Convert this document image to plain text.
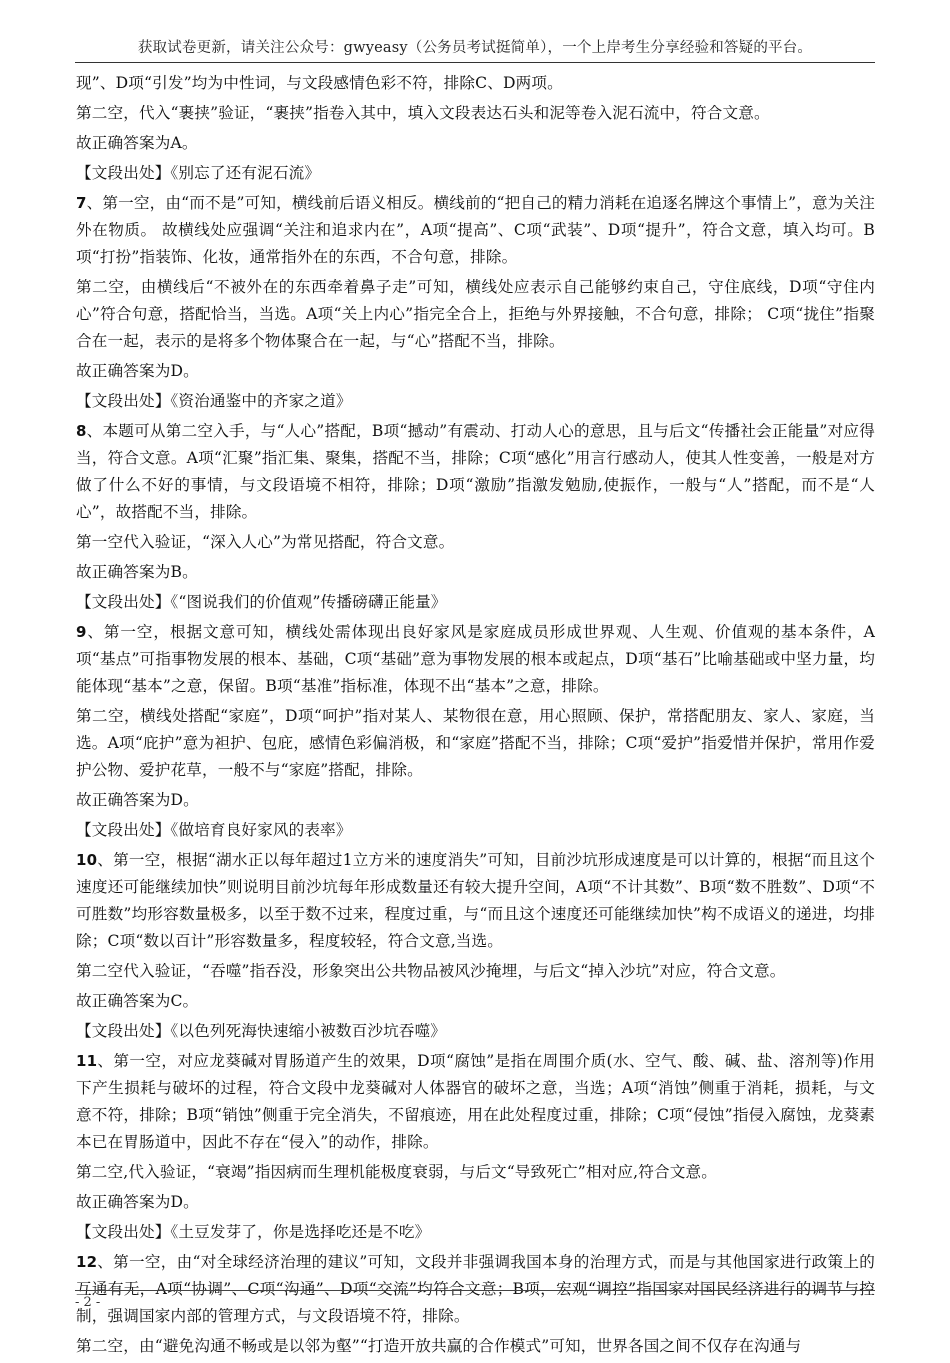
获取试卷更新，请关注公众号：gwyeasy（公务员考试挺简单），一个上岸考生分享经验和答疑的平台。
现”、D项“引发”均为中性词，与文段感情色彩不符，排除C、D两项。
第二空，代入“裹挟”验证，“裹挟”指卷入其中，填入文段表达石头和泥等卷入泥石流中，符合文意。
故正确答案为A。
【文段出处】《别忘了还有泥石流》
7、第一空，由“而不是”可知，横线前后语义相反。横线前的“把自己的精力消耗在追逐名牌这个事情上”，意为关注外在物质。 故横线处应强调“关注和追求内在”，A项“提高”、C项“武装”、D项“提升”，符合文意，填入均可。B项“打扮”指装饰、化妆，通常指外在的东西，不合句意，排除。
第二空，由横线后“不被外在的东西牵着鼻子走”可知，横线处应表示自己能够约束自己，守住底线，D项“守住内心”符合句意，搭配恰当，当选。A项“关上内心”指完全合上，拒绝与外界接触，不合句意，排除； C项“拢住”指聚合在一起，表示的是将多个物体聚合在一起，与“心”搭配不当，排除。
故正确答案为D。
【文段出处】《资治通鉴中的齐家之道》
8、本题可从第二空入手，与“人心”搭配，B项“撼动”有震动、打动人心的意思，且与后文“传播社会正能量”对应得当，符合文意。A项“汇聚”指汇集、聚集，搭配不当，排除；C项“感化”用言行感动人，使其人性变善，一般是对方做了什么不好的事情，与文段语境不相符，排除；D项“激励”指激发勉励,使振作，一般与“人”搭配，而不是“人心”，故搭配不当，排除。
第一空代入验证，“深入人心”为常见搭配，符合文意。
故正确答案为B。
【文段出处】《“图说我们的价值观”传播磅礴正能量》
9、第一空，根据文意可知，横线处需体现出良好家风是家庭成员形成世界观、人生观、价值观的基本条件，A项“基点”可指事物发展的根本、基础，C项“基础”意为事物发展的根本或起点，D项“基石”比喻基础或中坚力量，均能体现“基本”之意，保留。B项“基准”指标准，体现不出“基本”之意，排除。
第二空，横线处搭配“家庭”，D项“呵护”指对某人、某物很在意，用心照顾、保护，常搭配朋友、家人、家庭，当选。A项“庇护”意为袒护、包庇，感情色彩偏消极，和“家庭”搭配不当，排除；C项“爱护”指爱惜并保护，常用作爱护公物、爱护花草，一般不与“家庭”搭配，排除。
故正确答案为D。
【文段出处】《做培育良好家风的表率》
10、第一空，根据“湖水正以每年超过1立方米的速度消失”可知，目前沙坑形成速度是可以计算的，根据“而且这个速度还可能继续加快”则说明目前沙坑每年形成数量还有较大提升空间，A项“不计其数”、B项“数不胜数”、D项“不可胜数”均形容数量极多，以至于数不过来，程度过重，与“而且这个速度还可能继续加快”构不成语义的递进，均排除；C项“数以百计”形容数量多，程度较轻，符合文意,当选。
第二空代入验证，“吞噬”指吞没，形象突出公共物品被风沙掩埋，与后文“掉入沙坑”对应，符合文意。
故正确答案为C。
【文段出处】《以色列死海快速缩小被数百沙坑吞噬》
11、第一空，对应龙葵碱对胃肠道产生的效果，D项“腐蚀”是指在周围介质(水、空气、酸、碱、盐、溶剂等)作用下产生损耗与破坏的过程，符合文段中龙葵碱对人体器官的破坏之意，当选；A项“消蚀”侧重于消耗，损耗，与文意不符，排除；B项“销蚀”侧重于完全消失，不留痕迹，用在此处程度过重，排除；C项“侵蚀”指侵入腐蚀，龙葵素本已在胃肠道中，因此不存在“侵入”的动作，排除。
第二空,代入验证，“衰竭”指因病而生理机能极度衰弱，与后文“导致死亡”相对应,符合文意。
故正确答案为D。
【文段出处】《土豆发芽了，你是选择吃还是不吃》
12、第一空，由“对全球经济治理的建议”可知，文段并非强调我国本身的治理方式，而是与其他国家进行政策上的互通有无，A项“协调”、C项“沟通”、D项“交流”均符合文意；B项，宏观“调控”指国家对国民经济进行的调节与控制，强调国家内部的管理方式，与文段语境不符，排除。
第二空，由“避免沟通不畅或是以邻为壑”“打造开放共赢的合作模式”可知，世界各国之间不仅存在沟通与
- 2 -
